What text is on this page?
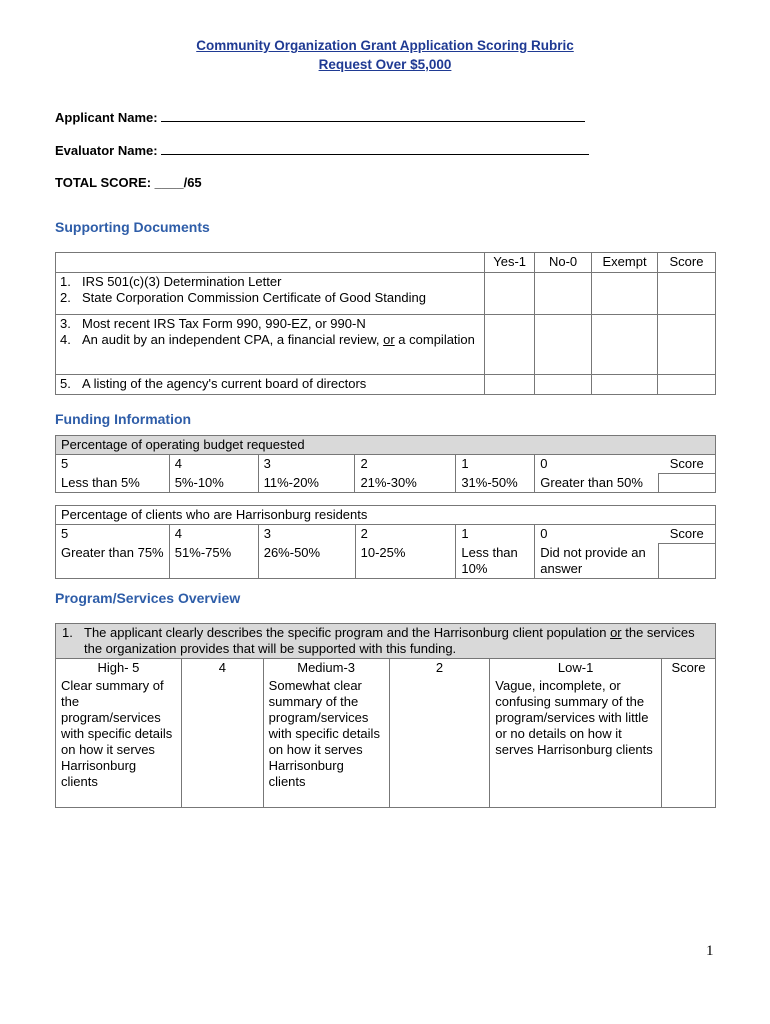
Community Organization Grant Application Scoring Rubric
Request Over $5,000
Applicant Name:
Evaluator Name:
TOTAL SCORE: ____/65
Supporting Documents
	Yes-1	No-0	Exempt	Score

1. IRS 501(c)(3) Determination Letter
2. State Corporation Commission Certificate of Good Standing				

3. Most recent IRS Tax Form 990, 990-EZ, or 990-N
4. An audit by an independent CPA, a financial review, or a compilation				

5. A listing of the agency's current board of directors				

Funding Information
Percentage of operating budget requested						
5	4	3	2	1	0	Score
Less than 5%	5%-10%	11%-20%	21%-30%	31%-50%	Greater than 50%	
Percentage of clients who are Harrisonburg residents						
5	4	3	2	1	0	Score
Greater than 75%	51%-75%	26%-50%	10-25%	Less than 10%	Did not provide an answer	
Program/Services Overview
1. The applicant clearly describes the specific program and the Harrisonburg client population or the services the organization provides that will be supported with this funding.					

High- 5	4	Medium-3	2	Low-1	Score
Clear summary of the program/services with specific details on how it serves Harrisonburg clients		Somewhat clear summary of the program/services with specific details on how it serves Harrisonburg clients		Vague, incomplete, or confusing summary of the program/services with little or no details on how it serves Harrisonburg clients	
1
